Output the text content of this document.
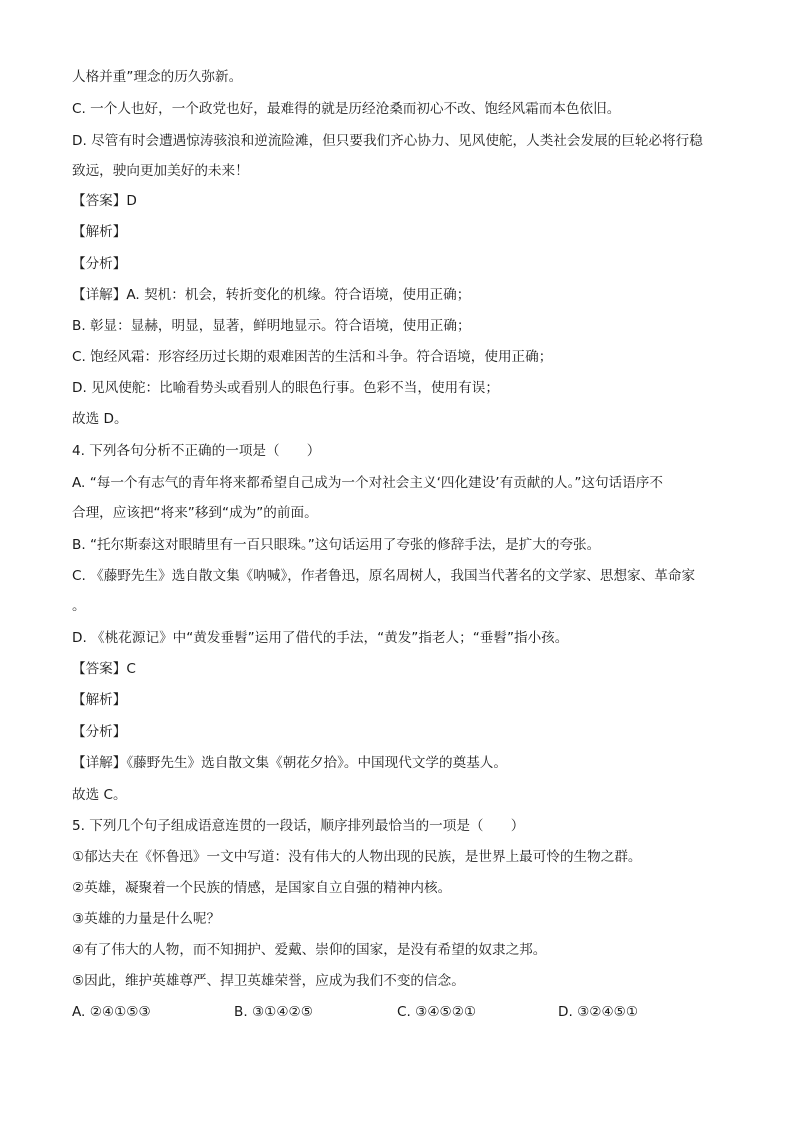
人格并重”理念的历久弥新。
C. 一个人也好，一个政党也好，最难得的就是历经沧桑而初心不改、饱经风霜而本色依旧。
D. 尽管有时会遭遇惊涛骇浪和逆流险滩，但只要我们齐心协力、见风使舵，人类社会发展的巨轮必将行稳
致远，驶向更加美好的未来！
【答案】D
【解析】
【分析】
【详解】A. 契机：机会，转折变化的机缘。符合语境，使用正确；
B. 彰显：显赫，明显，显著，鲜明地显示。符合语境，使用正确；
C. 饱经风霜：形容经历过长期的艰难困苦的生活和斗争。符合语境，使用正确；
D. 见风使舵：比喻看势头或看别人的眼色行事。色彩不当，使用有误；
故选 D。
4. 下列各句分析不正确的一项是（　　）
A. “每一个有志气的青年将来都希望自己成为一个对社会主义‘四化建设’有贡献的人。”这句话语序不
合理，应该把“将来”移到“成为”的前面。
B. “托尔斯泰这对眼睛里有一百只眼珠。”这句话运用了夸张的修辞手法，是扩大的夸张。
C. 《藤野先生》选自散文集《呐喊》，作者鲁迅，原名周树人，我国当代著名的文学家、思想家、革命家
。
D. 《桃花源记》中“黄发垂髫”运用了借代的手法，“黄发”指老人；“垂髫”指小孩。
【答案】C
【解析】
【分析】
【详解】《藤野先生》选自散文集《朝花夕拾》。中国现代文学的奠基人。
故选 C。
5. 下列几个句子组成语意连贯的一段话，顺序排列最恰当的一项是（　　）
①郁达夫在《怀鲁迅》一文中写道：没有伟大的人物出现的民族，是世界上最可怜的生物之群。
②英雄，凝聚着一个民族的情感，是国家自立自强的精神内核。
③英雄的力量是什么呢？
④有了伟大的人物，而不知拥护、爱戴、崇仰的国家，是没有希望的奴隶之邦。
⑤因此，维护英雄尊严、捍卫英雄荣誉，应成为我们不变的信念。
A. ②④①⑤③	B. ③①④②⑤	C. ③④⑤②①	D. ③②④⑤①
